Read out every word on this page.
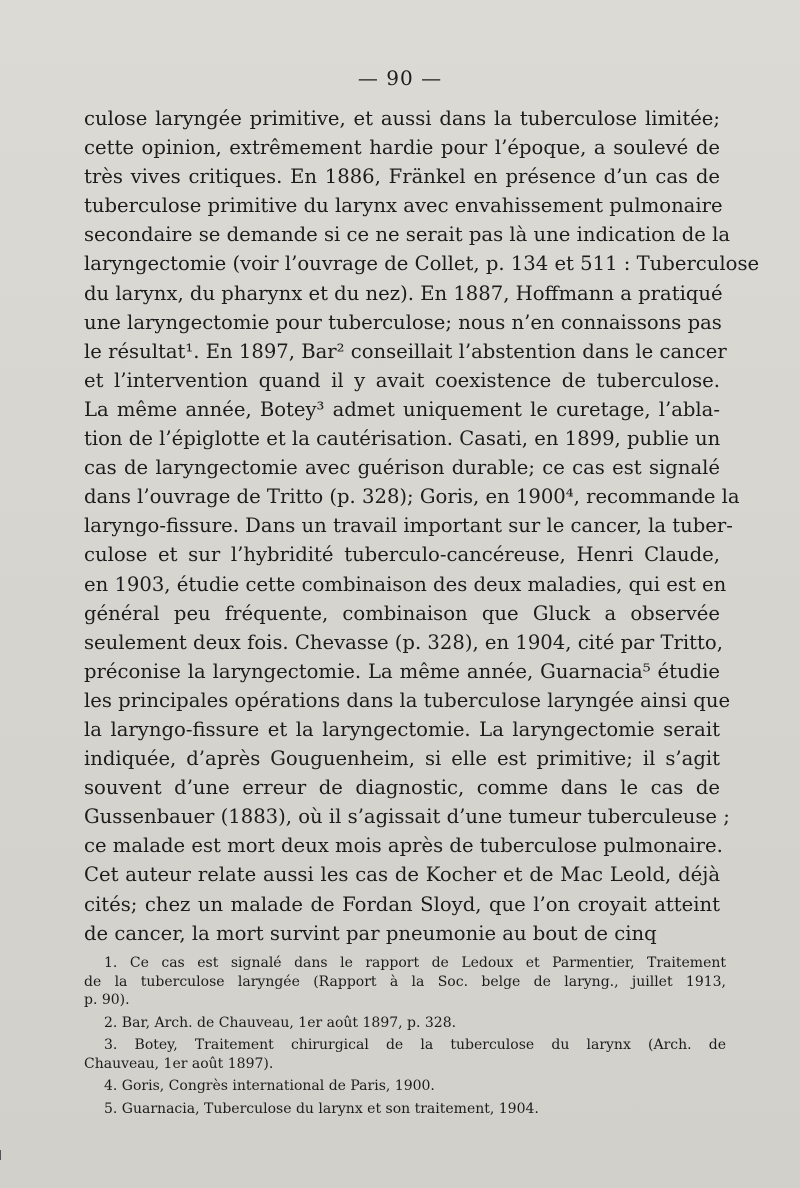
— 90 —
culose laryngée primitive, et aussi dans la tuberculose limitée;
cette opinion, extrêmement hardie pour l’époque, a soulevé de
très vives critiques. En 1886, Fränkel en présence d’un cas de
tuberculose primitive du larynx avec envahissement pulmonaire
secondaire se demande si ce ne serait pas là une indication de la
laryngectomie (voir l’ouvrage de Collet, p. 134 et 511 : Tuberculose
du larynx, du pharynx et du nez). En 1887, Hoffmann a pratiqué
une laryngectomie pour tuberculose; nous n’en connaissons pas
le résultat¹. En 1897, Bar² conseillait l’abstention dans le cancer
et l’intervention quand il y avait coexistence de tuberculose.
La même année, Botey³ admet uniquement le curetage, l’abla-
tion de l’épiglotte et la cautérisation. Casati, en 1899, publie un
cas de laryngectomie avec guérison durable; ce cas est signalé
dans l’ouvrage de Tritto (p. 328); Goris, en 1900⁴, recommande la
laryngo-fissure. Dans un travail important sur le cancer, la tuber-
culose et sur l’hybridité tuberculo-cancéreuse, Henri Claude,
en 1903, étudie cette combinaison des deux maladies, qui est en
général peu fréquente, combinaison que Gluck a observée
seulement deux fois. Chevasse (p. 328), en 1904, cité par Tritto,
préconise la laryngectomie. La même année, Guarnacia⁵ étudie
les principales opérations dans la tuberculose laryngée ainsi que
la laryngo-fissure et la laryngectomie. La laryngectomie serait
indiquée, d’après Gouguenheim, si elle est primitive; il s’agit
souvent d’une erreur de diagnostic, comme dans le cas de
Gussenbauer (1883), où il s’agissait d’une tumeur tuberculeuse ;
ce malade est mort deux mois après de tuberculose pulmonaire.
Cet auteur relate aussi les cas de Kocher et de Mac Leold, déjà
cités; chez un malade de Fordan Sloyd, que l’on croyait atteint
de cancer, la mort survint par pneumonie au bout de cinq
1. Ce cas est signalé dans le rapport de Ledoux et Parmentier, Traitement
de la tuberculose laryngée (Rapport à la Soc. belge de laryng., juillet 1913,
p. 90).
2. Bar, Arch. de Chauveau, 1er août 1897, p. 328.
3. Botey, Traitement chirurgical de la tuberculose du larynx (Arch. de
Chauveau, 1er août 1897).
4. Goris, Congrès international de Paris, 1900.
5. Guarnacia, Tuberculose du larynx et son traitement, 1904.
